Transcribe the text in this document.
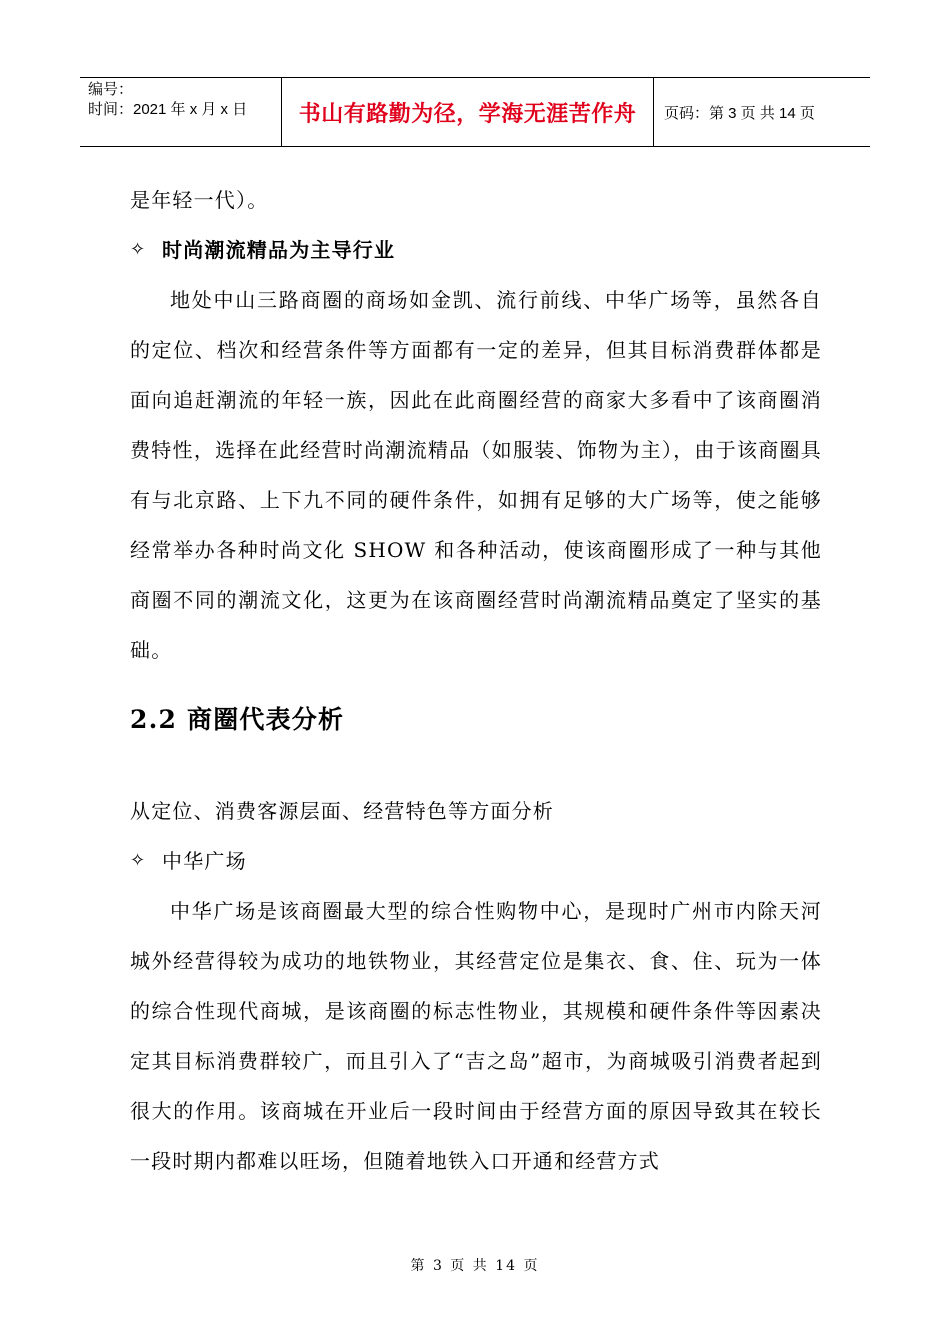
编号：
时间：2021 年 x 月 x 日	书山有路勤为径，学海无涯苦作舟	页码：第 3 页 共 14 页

是年轻一代）。

✧ 时尚潮流精品为主导行业

地处中山三路商圈的商场如金凯、流行前线、中华广场等，虽然各自的定位、档次和经营条件等方面都有一定的差异，但其目标消费群体都是面向追赶潮流的年轻一族，因此在此商圈经营的商家大多看中了该商圈消费特性，选择在此经营时尚潮流精品（如服装、饰物为主），由于该商圈具有与北京路、上下九不同的硬件条件，如拥有足够的大广场等，使之能够经常举办各种时尚文化 SHOW 和各种活动，使该商圈形成了一种与其他商圈不同的潮流文化，这更为在该商圈经营时尚潮流精品奠定了坚实的基础。

2.2 商圈代表分析

从定位、消费客源层面、经营特色等方面分析

✧ 中华广场

中华广场是该商圈最大型的综合性购物中心，是现时广州市内除天河城外经营得较为成功的地铁物业，其经营定位是集衣、食、住、玩为一体的综合性现代商城，是该商圈的标志性物业，其规模和硬件条件等因素决定其目标消费群较广，而且引入了“吉之岛”超市，为商城吸引消费者起到很大的作用。该商城在开业后一段时间由于经营方面的原因导致其在较长一段时期内都难以旺场，但随着地铁入口开通和经营方式

第 3 页 共 14 页
